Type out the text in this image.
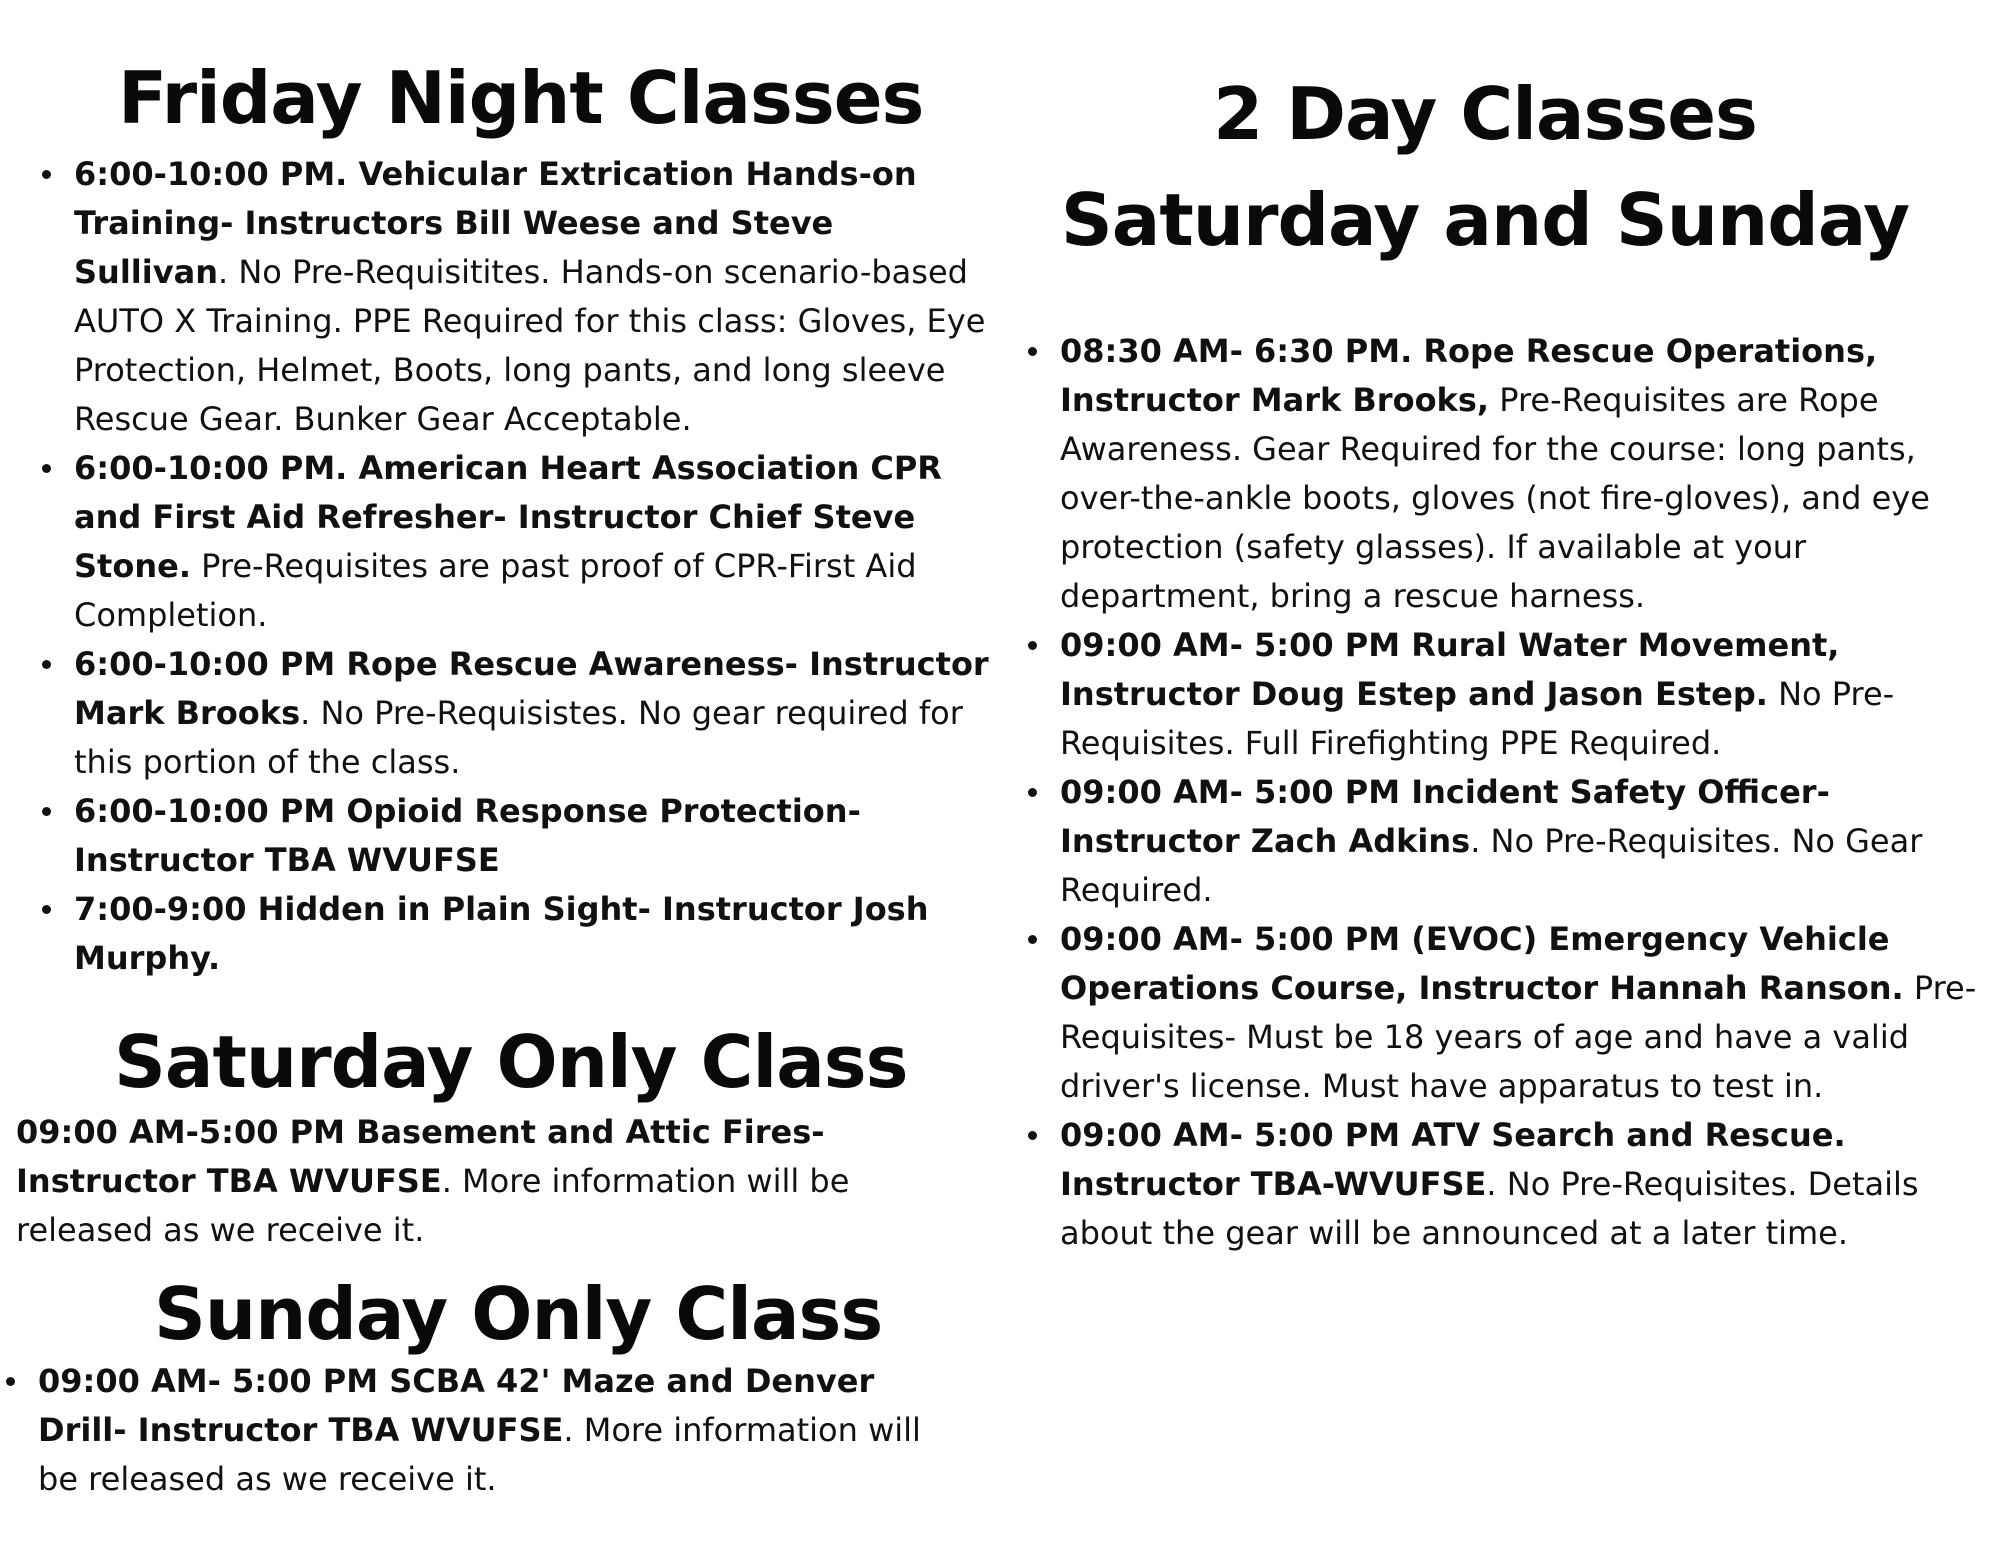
Friday Night Classes
6:00-10:00 PM. Vehicular Extrication Hands-on Training- Instructors Bill Weese and Steve Sullivan. No Pre-Requisitites. Hands-on scenario-based AUTO X Training. PPE Required for this class: Gloves, Eye Protection, Helmet, Boots, long pants, and long sleeve Rescue Gear. Bunker Gear Acceptable.
6:00-10:00 PM. American Heart Association CPR and First Aid Refresher- Instructor Chief Steve Stone. Pre-Requisites are past proof of CPR-First Aid Completion.
6:00-10:00 PM Rope Rescue Awareness- Instructor Mark Brooks. No Pre-Requisistes. No gear required for this portion of the class.
6:00-10:00 PM Opioid Response Protection- Instructor TBA WVUFSE
7:00-9:00 Hidden in Plain Sight- Instructor Josh Murphy.
Saturday Only Class

09:00 AM-5:00 PM Basement and Attic Fires- Instructor TBA WVUFSE. More information will be released as we receive it.

Sunday Only Class
09:00 AM- 5:00 PM SCBA 42' Maze and Denver Drill- Instructor TBA WVUFSE. More information will be released as we receive it.
2 Day Classes
Saturday and Sunday
08:30 AM- 6:30 PM. Rope Rescue Operations, Instructor Mark Brooks, Pre-Requisites are Rope Awareness. Gear Required for the course: long pants, over-the-ankle boots, gloves (not fire-gloves), and eye protection (safety glasses). If available at your department, bring a rescue harness.
09:00 AM- 5:00 PM Rural Water Movement, Instructor Doug Estep and Jason Estep. No Pre-Requisites. Full Firefighting PPE Required.
09:00 AM- 5:00 PM Incident Safety Officer- Instructor Zach Adkins. No Pre-Requisites. No Gear Required.
09:00 AM- 5:00 PM (EVOC) Emergency Vehicle Operations Course, Instructor Hannah Ranson. Pre-Requisites- Must be 18 years of age and have a valid driver's license. Must have apparatus to test in.
09:00 AM- 5:00 PM ATV Search and Rescue. Instructor TBA-WVUFSE. No Pre-Requisites. Details about the gear will be announced at a later time.
